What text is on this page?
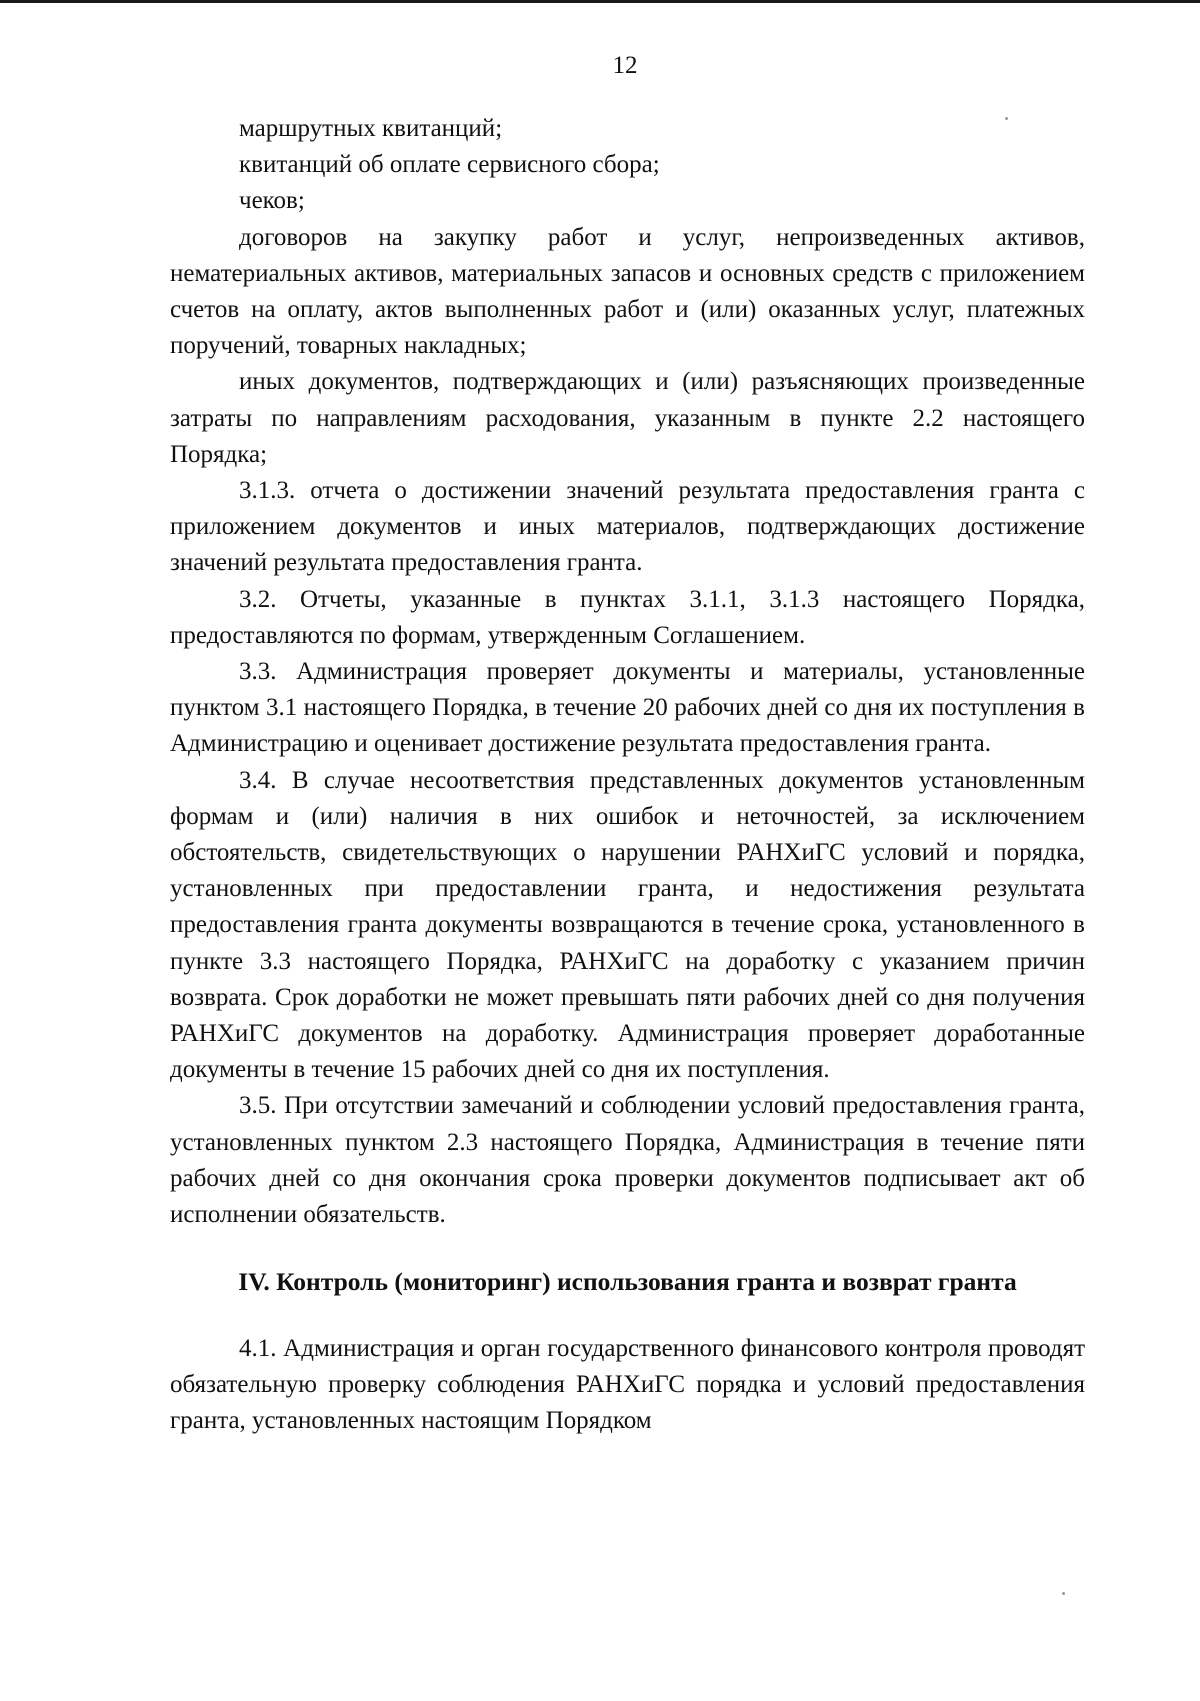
12

маршрутных квитанций;

квитанций об оплате сервисного сбора;

чеков;

договоров на закупку работ и услуг, непроизведенных активов, нематериальных активов, материальных запасов и основных средств с приложением счетов на оплату, актов выполненных работ и (или) оказанных услуг, платежных поручений, товарных накладных;

иных документов, подтверждающих и (или) разъясняющих произведенные затраты по направлениям расходования, указанным в пункте 2.2 настоящего Порядка;

3.1.3. отчета о достижении значений результата предоставления гранта с приложением документов и иных материалов, подтверждающих достижение значений результата предоставления гранта.

3.2. Отчеты, указанные в пунктах 3.1.1, 3.1.3 настоящего Порядка, предоставляются по формам, утвержденным Соглашением.

3.3. Администрация проверяет документы и материалы, установленные пунктом 3.1 настоящего Порядка, в течение 20 рабочих дней со дня их поступления в Администрацию и оценивает достижение результата предоставления гранта.

3.4. В случае несоответствия представленных документов установленным формам и (или) наличия в них ошибок и неточностей, за исключением обстоятельств, свидетельствующих о нарушении РАНХиГС условий и порядка, установленных при предоставлении гранта, и недостижения результата предоставления гранта документы возвращаются в течение срока, установленного в пункте 3.3 настоящего Порядка, РАНХиГС на доработку с указанием причин возврата. Срок доработки не может превышать пяти рабочих дней со дня получения РАНХиГС документов на доработку. Администрация проверяет доработанные документы в течение 15 рабочих дней со дня их поступления.

3.5. При отсутствии замечаний и соблюдении условий предоставления гранта, установленных пунктом 2.3 настоящего Порядка, Администрация в течение пяти рабочих дней со дня окончания срока проверки документов подписывает акт об исполнении обязательств.

IV. Контроль (мониторинг) использования гранта и возврат гранта

4.1. Администрация и орган государственного финансового контроля проводят обязательную проверку соблюдения РАНХиГС порядка и условий предоставления гранта, установленных настоящим Порядком
